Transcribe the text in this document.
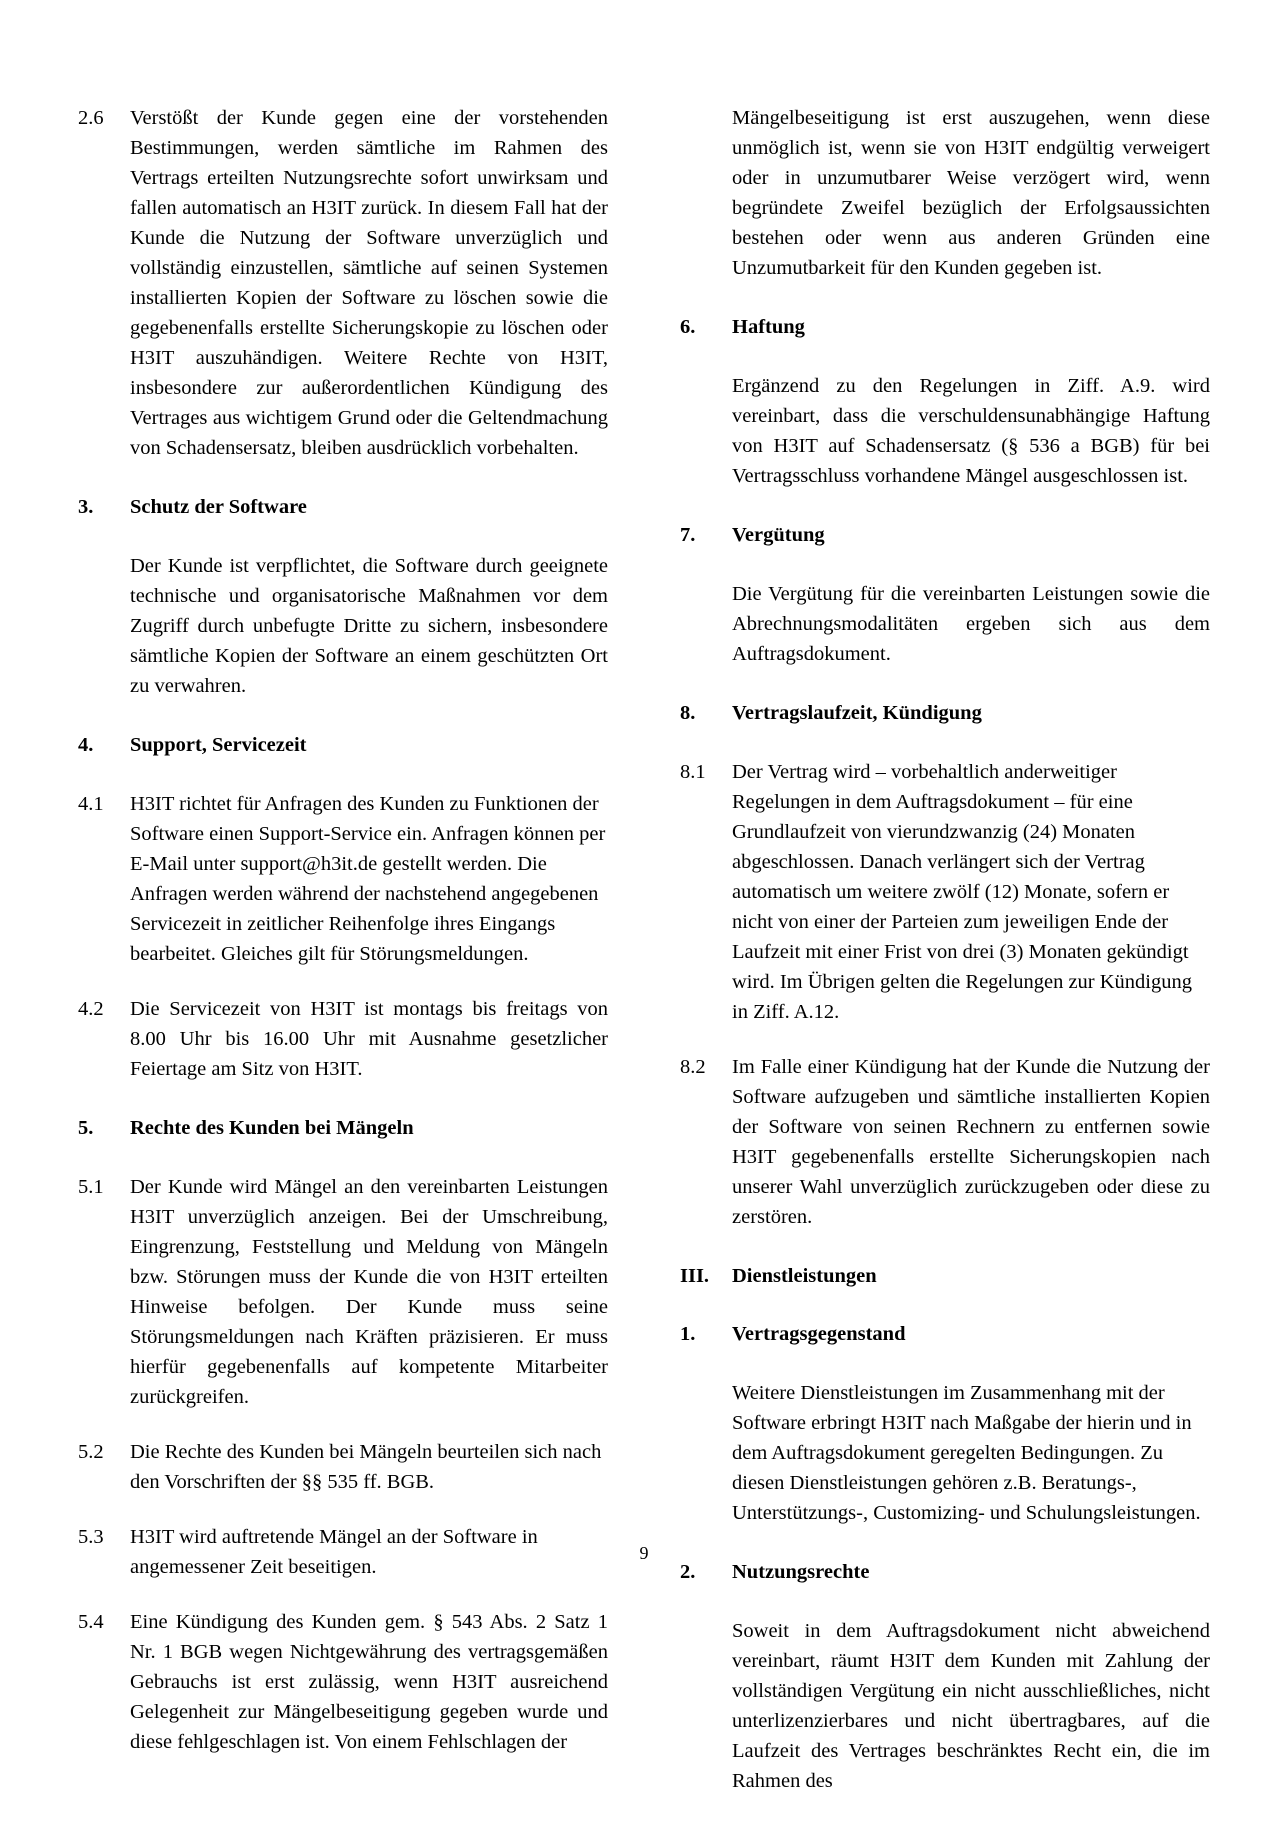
2.6	Verstößt der Kunde gegen eine der vorstehenden Bestimmungen, werden sämtliche im Rahmen des Vertrags erteilten Nutzungsrechte sofort unwirksam und fallen automatisch an H3IT zurück. In diesem Fall hat der Kunde die Nutzung der Software unverzüglich und vollständig einzustellen, sämtliche auf seinen Systemen installierten Kopien der Software zu löschen sowie die gegebenenfalls erstellte Sicherungskopie zu löschen oder H3IT auszuhändigen. Weitere Rechte von H3IT, insbesondere zur außerordentlichen Kündigung des Vertrages aus wichtigem Grund oder die Geltendmachung von Schadensersatz, bleiben ausdrücklich vorbehalten.
3.	Schutz der Software
Der Kunde ist verpflichtet, die Software durch geeignete technische und organisatorische Maßnahmen vor dem Zugriff durch unbefugte Dritte zu sichern, insbesondere sämtliche Kopien der Software an einem geschützten Ort zu verwahren.
4.	Support, Servicezeit
4.1	H3IT richtet für Anfragen des Kunden zu Funktionen der Software einen Support-Service ein. Anfragen können per E-Mail unter support@h3it.de gestellt werden. Die Anfragen werden während der nachstehend angegebenen Servicezeit in zeitlicher Reihenfolge ihres Eingangs bearbeitet. Gleiches gilt für Störungsmeldungen.
4.2	Die Servicezeit von H3IT ist montags bis freitags von 8.00 Uhr bis 16.00 Uhr mit Ausnahme gesetzlicher Feiertage am Sitz von H3IT.
5.	Rechte des Kunden bei Mängeln
5.1	Der Kunde wird Mängel an den vereinbarten Leistungen H3IT unverzüglich anzeigen. Bei der Umschreibung, Eingrenzung, Feststellung und Meldung von Mängeln bzw. Störungen muss der Kunde die von H3IT erteilten Hinweise befolgen. Der Kunde muss seine Störungsmeldungen nach Kräften präzisieren. Er muss hierfür gegebenenfalls auf kompetente Mitarbeiter zurückgreifen.
5.2	Die Rechte des Kunden bei Mängeln beurteilen sich nach den Vorschriften der §§ 535 ff. BGB.
5.3	H3IT wird auftretende Mängel an der Software in angemessener Zeit beseitigen.
5.4	Eine Kündigung des Kunden gem. § 543 Abs. 2 Satz 1 Nr. 1 BGB wegen Nichtgewährung des vertragsgemäßen Gebrauchs ist erst zulässig, wenn H3IT ausreichend Gelegenheit zur Mängelbeseitigung gegeben wurde und diese fehlgeschlagen ist. Von einem Fehlschlagen der
Mängelbeseitigung ist erst auszugehen, wenn diese unmöglich ist, wenn sie von H3IT endgültig verweigert oder in unzumutbarer Weise verzögert wird, wenn begründete Zweifel bezüglich der Erfolgsaussichten bestehen oder wenn aus anderen Gründen eine Unzumutbarkeit für den Kunden gegeben ist.
6.	Haftung
Ergänzend zu den Regelungen in Ziff. A.9. wird vereinbart, dass die verschuldensunabhängige Haftung von H3IT auf Schadensersatz (§ 536 a BGB) für bei Vertragsschluss vorhandene Mängel ausgeschlossen ist.
7.	Vergütung
Die Vergütung für die vereinbarten Leistungen sowie die Abrechnungsmodalitäten ergeben sich aus dem Auftragsdokument.
8.	Vertragslaufzeit, Kündigung
8.1	Der Vertrag wird – vorbehaltlich anderweitiger Regelungen in dem Auftragsdokument – für eine Grundlaufzeit von vierundzwanzig (24) Monaten abgeschlossen. Danach verlängert sich der Vertrag automatisch um weitere zwölf (12) Monate, sofern er nicht von einer der Parteien zum jeweiligen Ende der Laufzeit mit einer Frist von drei (3) Monaten gekündigt wird. Im Übrigen gelten die Regelungen zur Kündigung in Ziff. A.12.
8.2	Im Falle einer Kündigung hat der Kunde die Nutzung der Software aufzugeben und sämtliche installierten Kopien der Software von seinen Rechnern zu entfernen sowie H3IT gegebenenfalls erstellte Sicherungskopien nach unserer Wahl unverzüglich zurückzugeben oder diese zu zerstören.
III.	Dienstleistungen
1.	Vertragsgegenstand
Weitere Dienstleistungen im Zusammenhang mit der Software erbringt H3IT nach Maßgabe der hierin und in dem Auftragsdokument geregelten Bedingungen. Zu diesen Dienstleistungen gehören z.B. Beratungs-, Unterstützungs-, Customizing- und Schulungsleistungen.
2.	Nutzungsrechte
Soweit in dem Auftragsdokument nicht abweichend vereinbart, räumt H3IT dem Kunden mit Zahlung der vollständigen Vergütung ein nicht ausschließliches, nicht unterlizenzierbares und nicht übertragbares, auf die Laufzeit des Vertrages beschränktes Recht ein, die im Rahmen des
9
